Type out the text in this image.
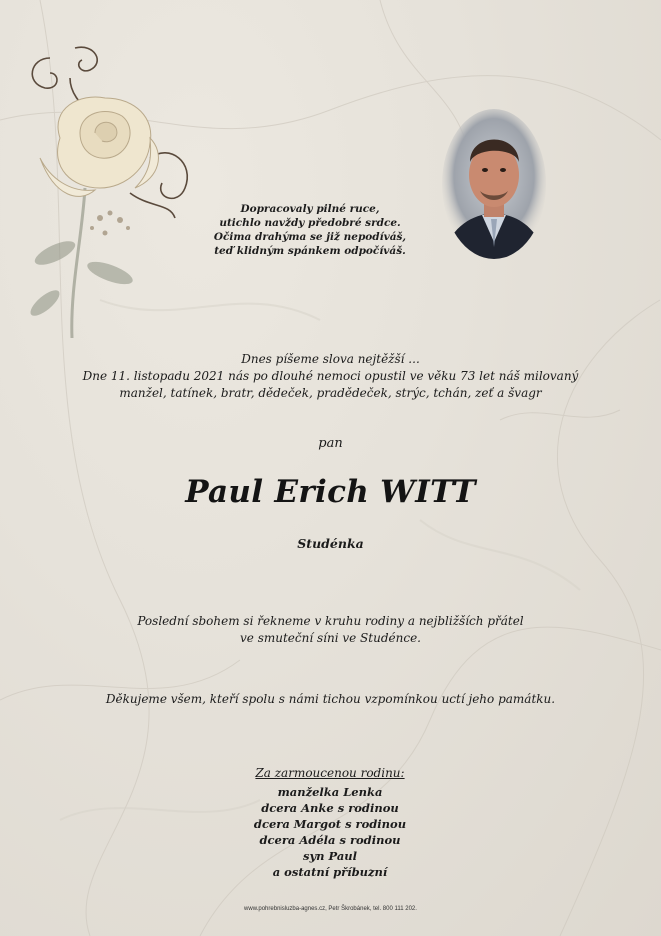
Dopracovaly pilné ruce,
utichlo navždy předobré srdce.
Očima drahýma se již nepodíváš,
teď klidným spánkem odpočíváš.
Dnes píšeme slova nejtěžší ...
Dne 11. listopadu 2021 nás po dlouhé nemoci opustil ve věku 73 let náš milovaný
manžel, tatínek, bratr, dědeček, pradědeček, strýc, tchán, zeť a švagr
pan
Paul Erich WITT
Studénka
Poslední sbohem si řekneme v kruhu rodiny a nejbližších přátel
ve smuteční síni ve Studénce.
Děkujeme všem, kteří spolu s námi tichou vzpomínkou uctí jeho památku.
Za zarmoucenou rodinu:
manželka Lenka
dcera Anke s rodinou
dcera Margot s rodinou
dcera Adéla s rodinou
syn Paul
a ostatní příbuzní
www.pohrebnisluzba-agnes.cz, Petr Škrobánek, tel. 800 111 202.
